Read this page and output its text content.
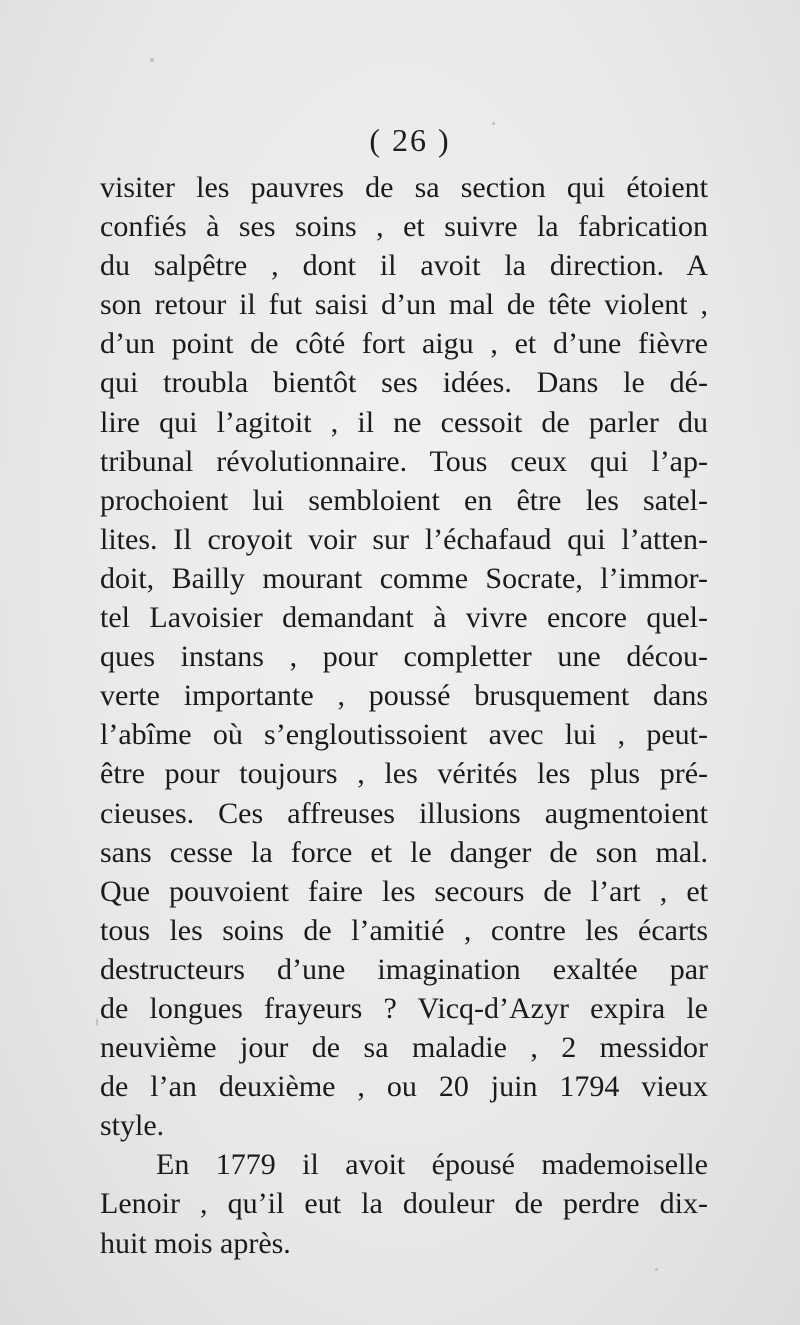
( 26 )
visiter les pauvres de sa section qui étoient
confiés à ses soins , et suivre la fabrication
du salpêtre , dont il avoit la direction. A
son retour il fut saisi d’un mal de tête violent ,
d’un point de côté fort aigu , et d’une fièvre
qui troubla bientôt ses idées. Dans le dé-
lire qui l’agitoit , il ne cessoit de parler du
tribunal révolutionnaire. Tous ceux qui l’ap-
prochoient lui sembloient en être les satel-
lites. Il croyoit voir sur l’échafaud qui l’atten-
doit, Bailly mourant comme Socrate, l’immor-
tel Lavoisier demandant à vivre encore quel-
ques instans , pour completter une décou-
verte importante , poussé brusquement dans
l’abîme où s’engloutissoient avec lui , peut-
être pour toujours , les vérités les plus pré-
cieuses. Ces affreuses illusions augmentoient
sans cesse la force et le danger de son mal.
Que pouvoient faire les secours de l’art , et
tous les soins de l’amitié , contre les écarts
destructeurs d’une imagination exaltée par
de longues frayeurs ? Vicq-d’Azyr expira le
neuvième jour de sa maladie , 2 messidor
de l’an deuxième , ou 20 juin 1794 vieux
style.
En 1779 il avoit épousé mademoiselle
Lenoir , qu’il eut la douleur de perdre dix-
huit mois après.
